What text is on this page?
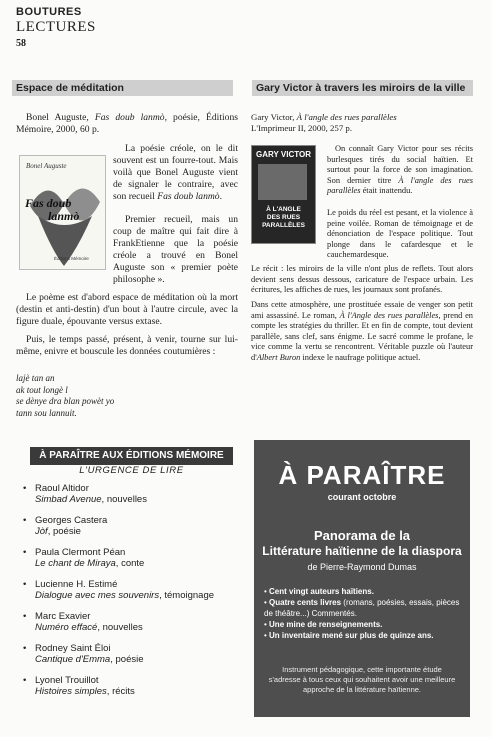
BOUTURES
LECTURES
58
Espace de méditation

Bonel Auguste, Fas doub lanmò, poésie, Éditions Mémoire, 2000, 60 p.

Bonel Auguste
Fas doub
lanmò
Éditions Mémoire

La poésie créole, on le dit souvent est un fourre-tout. Mais voilà que Bonel Auguste vient de signaler le contraire, avec son recueil Fas doub lanmò.

Premier recueil, mais un coup de maître qui fait dire à FrankEtienne que la poésie créole a trouvé en Bonel Auguste son « premier poète philosophe ».

Le poème est d'abord espace de méditation où la mort (destin et anti-destin) d'un bout à l'autre circule, avec la figure duale, épouvante versus extase.

Puis, le temps passé, présent, à venir, tourne sur lui-même, enivre et bouscule les données coutumières :

lajè tan an
ak tout longè l
se dènye dra blan powèt yo
tann sou lannuit.
Gary Victor à travers les miroirs de la ville
Gary Victor, À l'angle des rues parallèles
L'Imprimeur II, 2000, 257 p.
GARY VICTOR
À L'ANGLE
DES RUES
PARALLÈLES

On connaît Gary Victor pour ses récits burlesques tirés du social haïtien. Et surtout pour la force de son imagination. Son dernier titre À l'angle des rues parallèles était inattendu.

Le poids du réel est pesant, et la violence à peine voilée. Roman de témoignage et de dénonciation de l'espace politique. Tout plonge dans le cafardesque et le cauchemardesque.

Le récit : les miroirs de la ville n'ont plus de reflets. Tout alors devient sens dessus dessous, caricature de l'espace urbain. Les écritures, les affiches de rues, les journaux sont profanés.

Dans cette atmosphère, une prostituée essaie de venger son petit ami assassiné. Le roman, À l'Angle des rues parallèles, prend en compte les stratégies du thriller. Et en fin de compte, tout devient parallèle, sans clef, sans énigme. Le sacré comme le profane, le vice comme la vertu se rencontrent. Véritable puzzle où l'auteur d'Albert Buron indexe le naufrage politique actuel.

À PARAÎTRE AUX ÉDITIONS MÉMOIRE
L'URGENCE DE LIRE
• Raoul Altidor
Simbad Avenue, nouvelles
• Georges Castera
Jòf, poésie
• Paula Clermont Péan
Le chant de Miraya, conte
• Lucienne H. Estimé
Dialogue avec mes souvenirs, témoignage
• Marc Exavier
Numéro effacé, nouvelles
• Rodney Saint Éloi
Cantique d'Emma, poésie
• Lyonel Trouillot
Histoires simples, récits
À PARAÎTRE
courant octobre
Panorama de la
Littérature haïtienne de la diaspora
de Pierre-Raymond Dumas
• Cent vingt auteurs haïtiens.
• Quatre cents livres (romans, poésies, essais, pièces de théâtre...) Commentés.
• Une mine de renseignements.
• Un inventaire mené sur plus de quinze ans.
Instrument pédagogique, cette importante étude s'adresse à tous ceux qui souhaitent avoir une meilleure approche de la littérature haïtienne.
